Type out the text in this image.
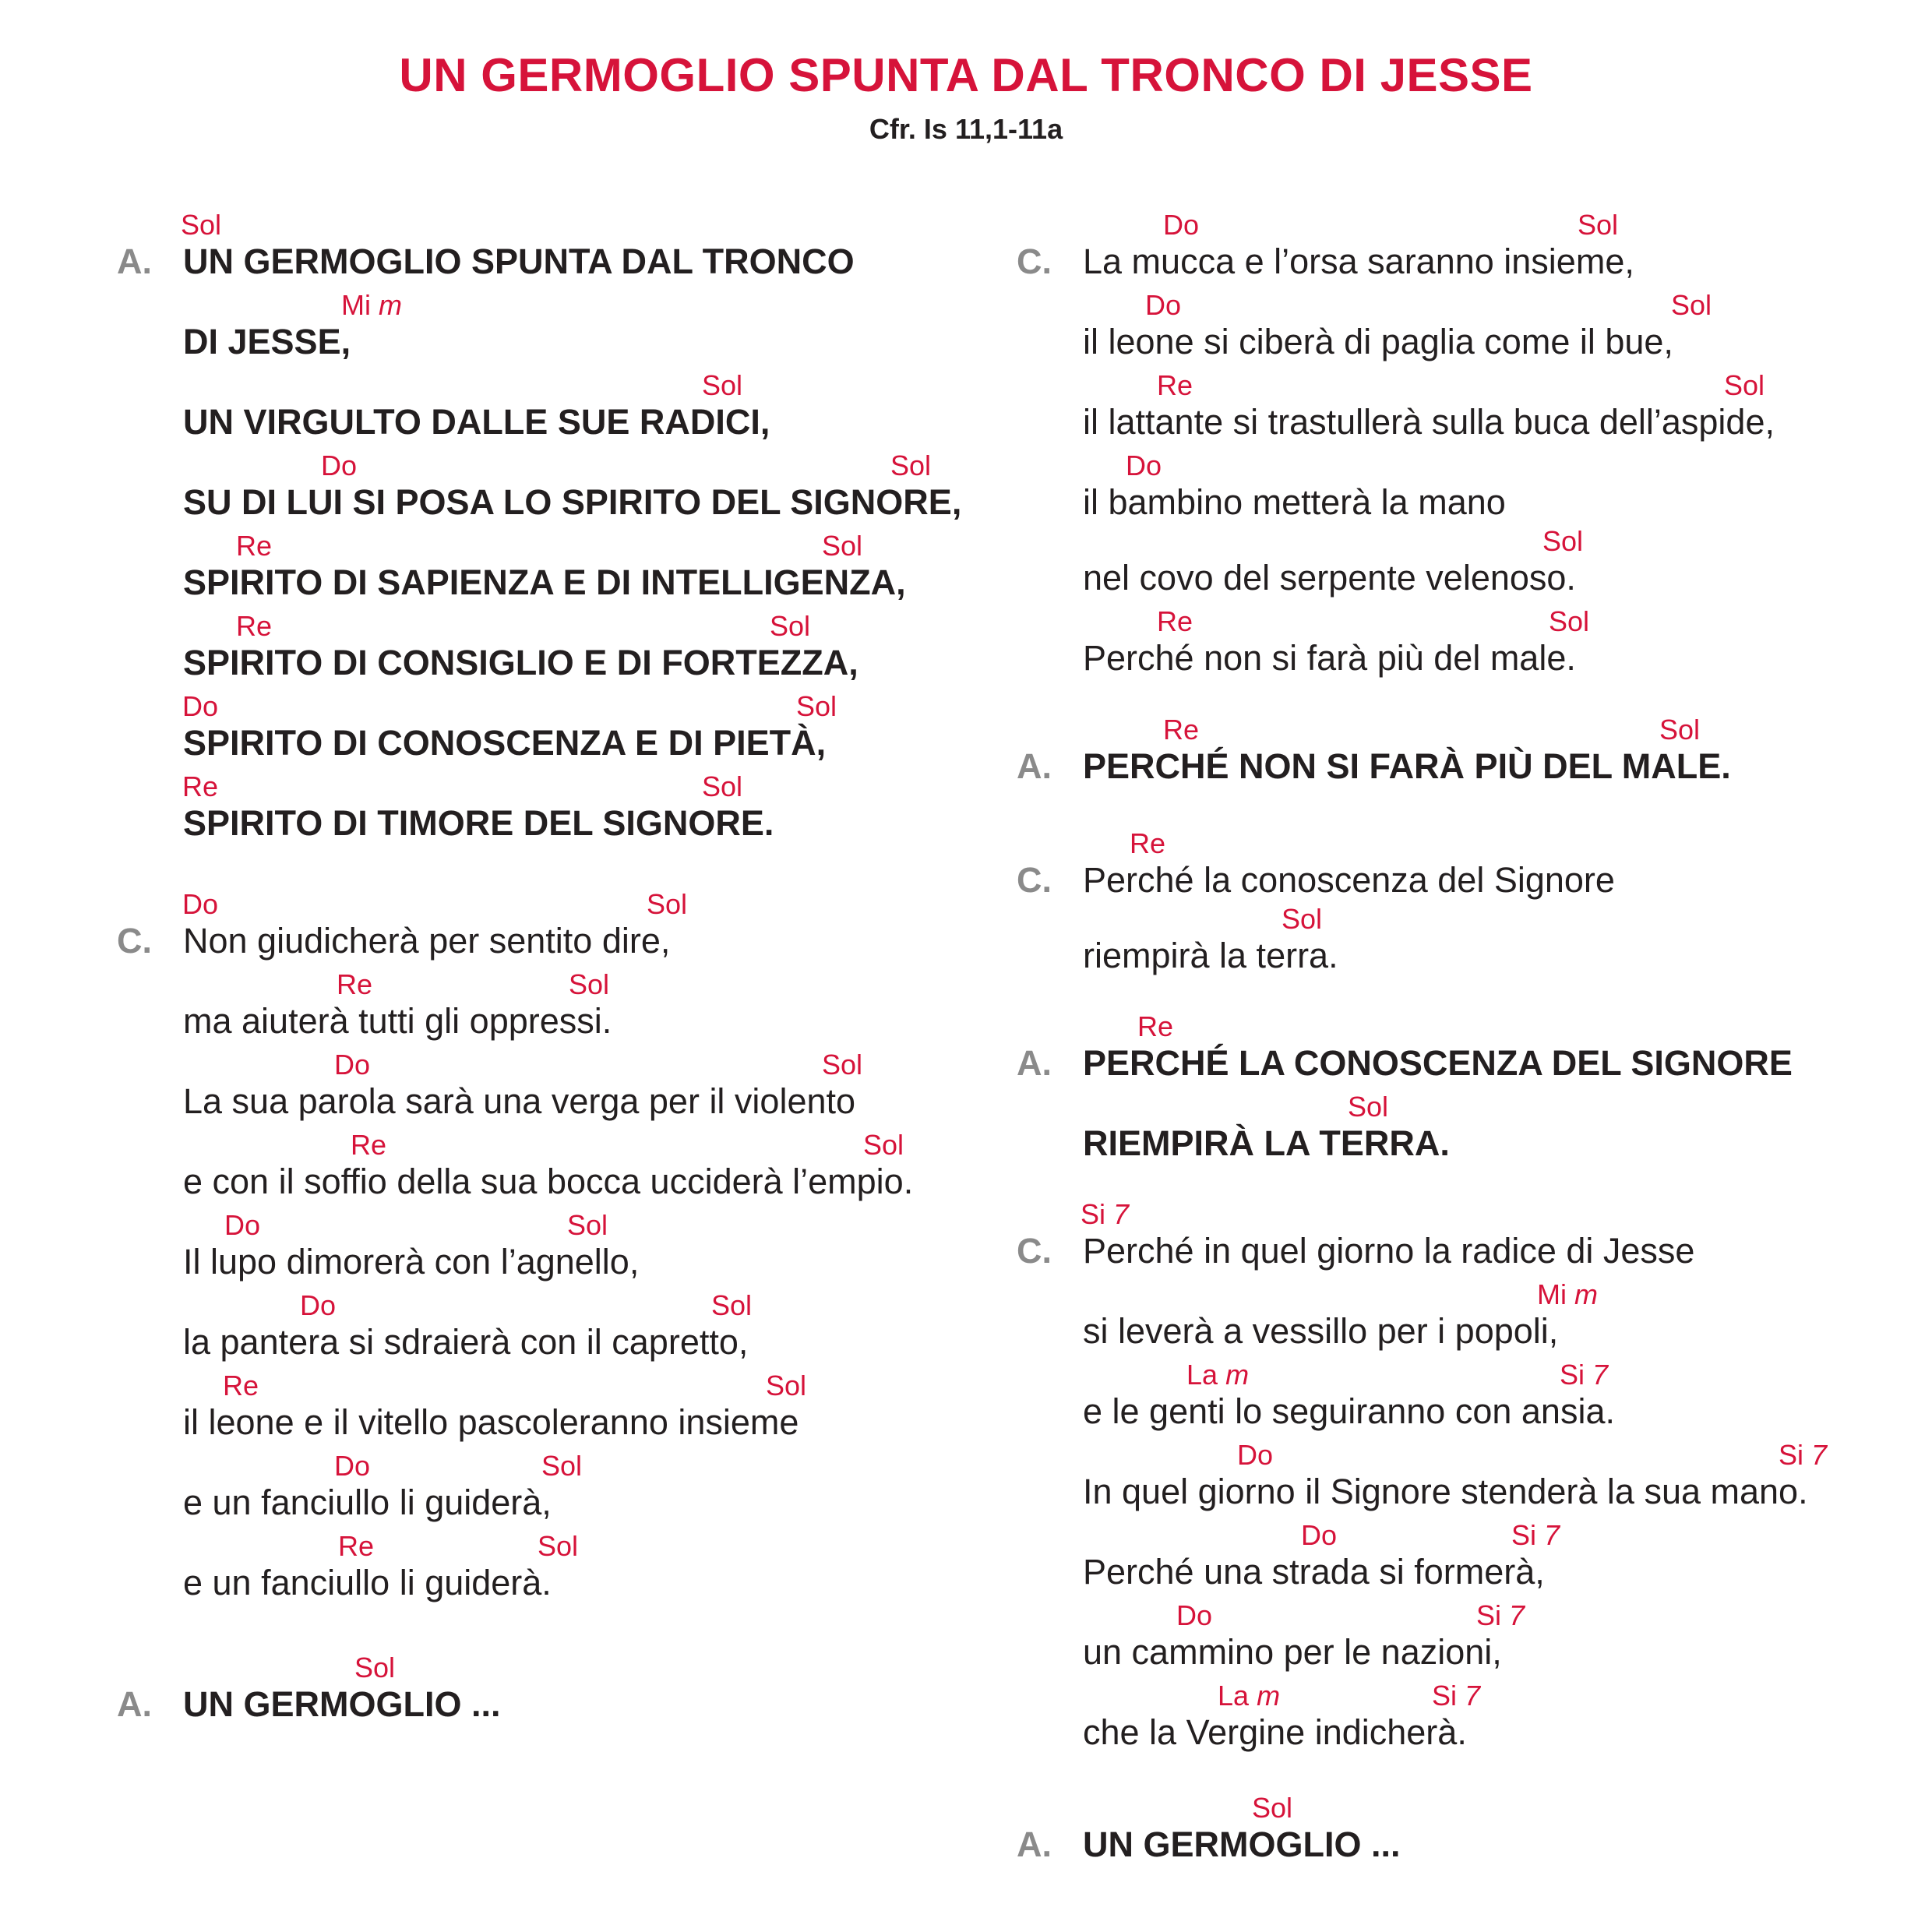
UN GERMOGLIO SPUNTA DAL TRONCO DI JESSE
Cfr. Is 11,1-11a
A.
Sol
UN GERMOGLIO SPUNTA DAL TRONCO
Mi m
DI JESSE,
Sol
UN VIRGULTO DALLE SUE RADICI,
Do	Sol
SU DI LUI SI POSA LO SPIRITO DEL SIGNORE,
Re	Sol
SPIRITO DI SAPIENZA E DI INTELLIGENZA,
Re	Sol
SPIRITO DI CONSIGLIO E DI FORTEZZA,
Do	Sol
SPIRITO DI CONOSCENZA E DI PIETÀ,
Re	Sol
SPIRITO DI TIMORE DEL SIGNORE.
C.
Do	Sol
Non giudicherà per sentito dire,
Re	Sol
ma aiuterà tutti gli oppressi.
Do	Sol
La sua parola sarà una verga per il violento
Re	Sol
e con il soffio della sua bocca ucciderà l’empio.
Do	Sol
Il lupo dimorerà con l’agnello,
Do	Sol
la pantera si sdraierà con il capretto,
Re	Sol
il leone e il vitello pascoleranno insieme
Do	Sol
e un fanciullo li guiderà,
Re	Sol
e un fanciullo li guiderà.
A.
Sol
UN GERMOGLIO ...
C.
Do	Sol
La mucca e l’orsa saranno insieme,
Do	Sol
il leone si ciberà di paglia come il bue,
Re	Sol
il lattante si trastullerà sulla buca dell’aspide,
Do
il bambino metterà la mano
Sol
nel covo del serpente velenoso.
Re	Sol
Perché non si farà più del male.
A.
Re	Sol
PERCHÉ NON SI FARÀ PIÙ DEL MALE.
C.
Re
Perché la conoscenza del Signore
Sol
riempirà la terra.
A.
Re
PERCHÉ LA CONOSCENZA DEL SIGNORE
Sol
RIEMPIRÀ LA TERRA.
C.
Si 7
Perché in quel giorno la radice di Jesse
Mi m
si leverà a vessillo per i popoli,
La m	Si 7
e le genti lo seguiranno con ansia.
Do	Si 7
In quel giorno il Signore stenderà la sua mano.
Do	Si 7
Perché una strada si formerà,
Do	Si 7
un cammino per le nazioni,
La m	Si 7
che la Vergine indicherà.
A.
Sol
UN GERMOGLIO ...
